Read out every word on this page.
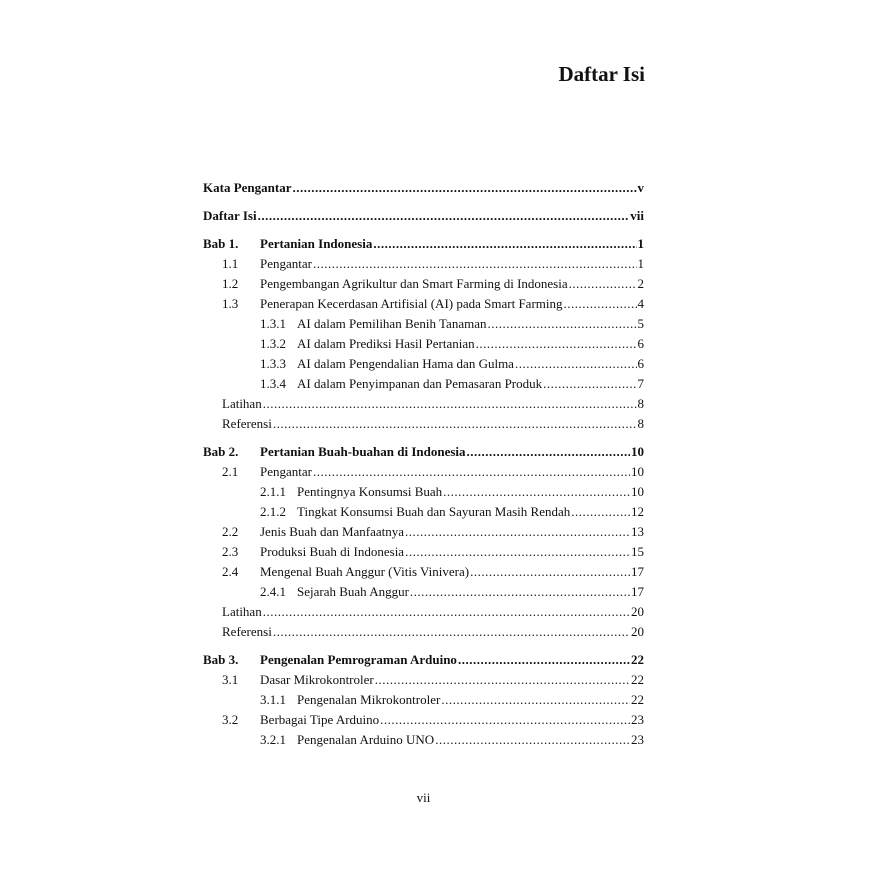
Daftar Isi
Kata Pengantar .....	v
Daftar Isi .....	vii
Bab 1.	Pertanian Indonesia .....	1
1.1	Pengantar .....	1
1.2	Pengembangan Agrikultur dan Smart Farming di Indonesia .....	2
1.3	Penerapan Kecerdasan Artifisial (AI) pada Smart Farming .....	4
1.3.1 AI dalam Pemilihan Benih Tanaman .....	5
1.3.2 AI dalam Prediksi Hasil Pertanian .....	6
1.3.3 AI dalam Pengendalian Hama dan Gulma .....	6
1.3.4 AI dalam Penyimpanan dan Pemasaran Produk .....	7
Latihan .....	8
Referensi .....	8
Bab 2.	Pertanian Buah-buahan di Indonesia .....	10
2.1	Pengantar .....	10
2.1.1 Pentingnya Konsumsi Buah .....	10
2.1.2 Tingkat Konsumsi Buah dan Sayuran Masih Rendah .....	12
2.2	Jenis Buah dan Manfaatnya .....	13
2.3	Produksi Buah di Indonesia .....	15
2.4	Mengenal Buah Anggur (Vitis Vinivera) .....	17
2.4.1 Sejarah Buah Anggur .....	17
Latihan .....	20
Referensi .....	20
Bab 3.	Pengenalan Pemrograman Arduino .....	22
3.1	Dasar Mikrokontroler .....	22
3.1.1 Pengenalan Mikrokontroler .....	22
3.2	Berbagai Tipe Arduino .....	23
3.2.1 Pengenalan Arduino UNO .....	23
vii
